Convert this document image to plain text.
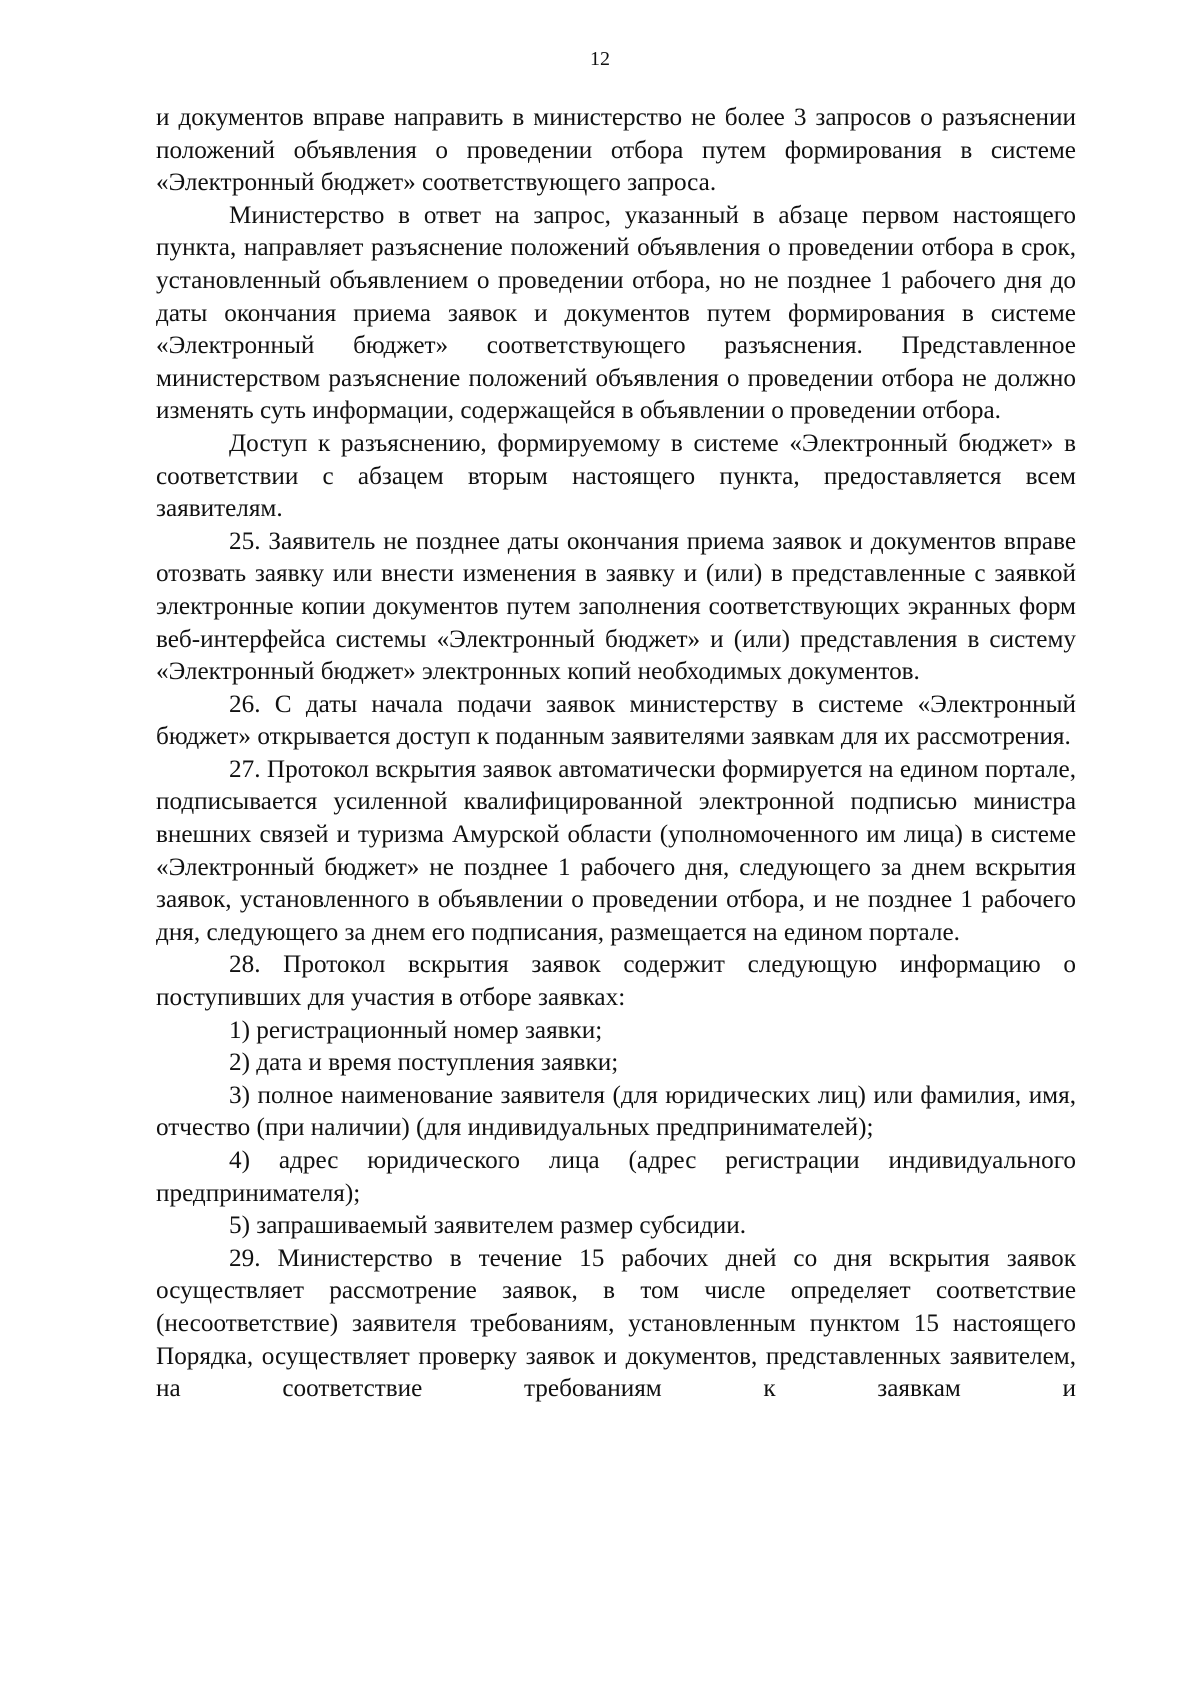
12

и документов вправе направить в министерство не более 3 запросов о разъяснении положений объявления о проведении отбора путем формирования в системе «Электронный бюджет» соответствующего запроса.

Министерство в ответ на запрос, указанный в абзаце первом настоящего пункта, направляет разъяснение положений объявления о проведении отбора в срок, установленный объявлением о проведении отбора, но не позднее 1 рабочего дня до даты окончания приема заявок и документов путем формирования в системе «Электронный бюджет» соответствующего разъяснения. Представленное министерством разъяснение положений объявления о проведении отбора не должно изменять суть информации, содержащейся в объявлении о проведении отбора.

Доступ к разъяснению, формируемому в системе «Электронный бюджет» в соответствии с абзацем вторым настоящего пункта, предоставляется всем заявителям.

25. Заявитель не позднее даты окончания приема заявок и документов вправе отозвать заявку или внести изменения в заявку и (или) в представленные с заявкой электронные копии документов путем заполнения соответствующих экранных форм веб-интерфейса системы «Электронный бюджет» и (или) представления в систему «Электронный бюджет» электронных копий необходимых документов.

26. С даты начала подачи заявок министерству в системе «Электронный бюджет» открывается доступ к поданным заявителями заявкам для их рассмотрения.

27. Протокол вскрытия заявок автоматически формируется на едином портале, подписывается усиленной квалифицированной электронной подписью министра внешних связей и туризма Амурской области (уполномоченного им лица) в системе «Электронный бюджет» не позднее 1 рабочего дня, следующего за днем вскрытия заявок, установленного в объявлении о проведении отбора, и не позднее 1 рабочего дня, следующего за днем его подписания, размещается на едином портале.

28. Протокол вскрытия заявок содержит следующую информацию о поступивших для участия в отборе заявках:

1) регистрационный номер заявки;

2) дата и время поступления заявки;

3) полное наименование заявителя (для юридических лиц) или фамилия, имя, отчество (при наличии) (для индивидуальных предпринимателей);

4) адрес юридического лица (адрес регистрации индивидуального предпринимателя);

5) запрашиваемый заявителем размер субсидии.

29. Министерство в течение 15 рабочих дней со дня вскрытия заявок осуществляет рассмотрение заявок, в том числе определяет соответствие (несоответствие) заявителя требованиям, установленным пунктом 15 настоящего Порядка, осуществляет проверку заявок и документов, представленных заявителем, на соответствие требованиям к заявкам и
